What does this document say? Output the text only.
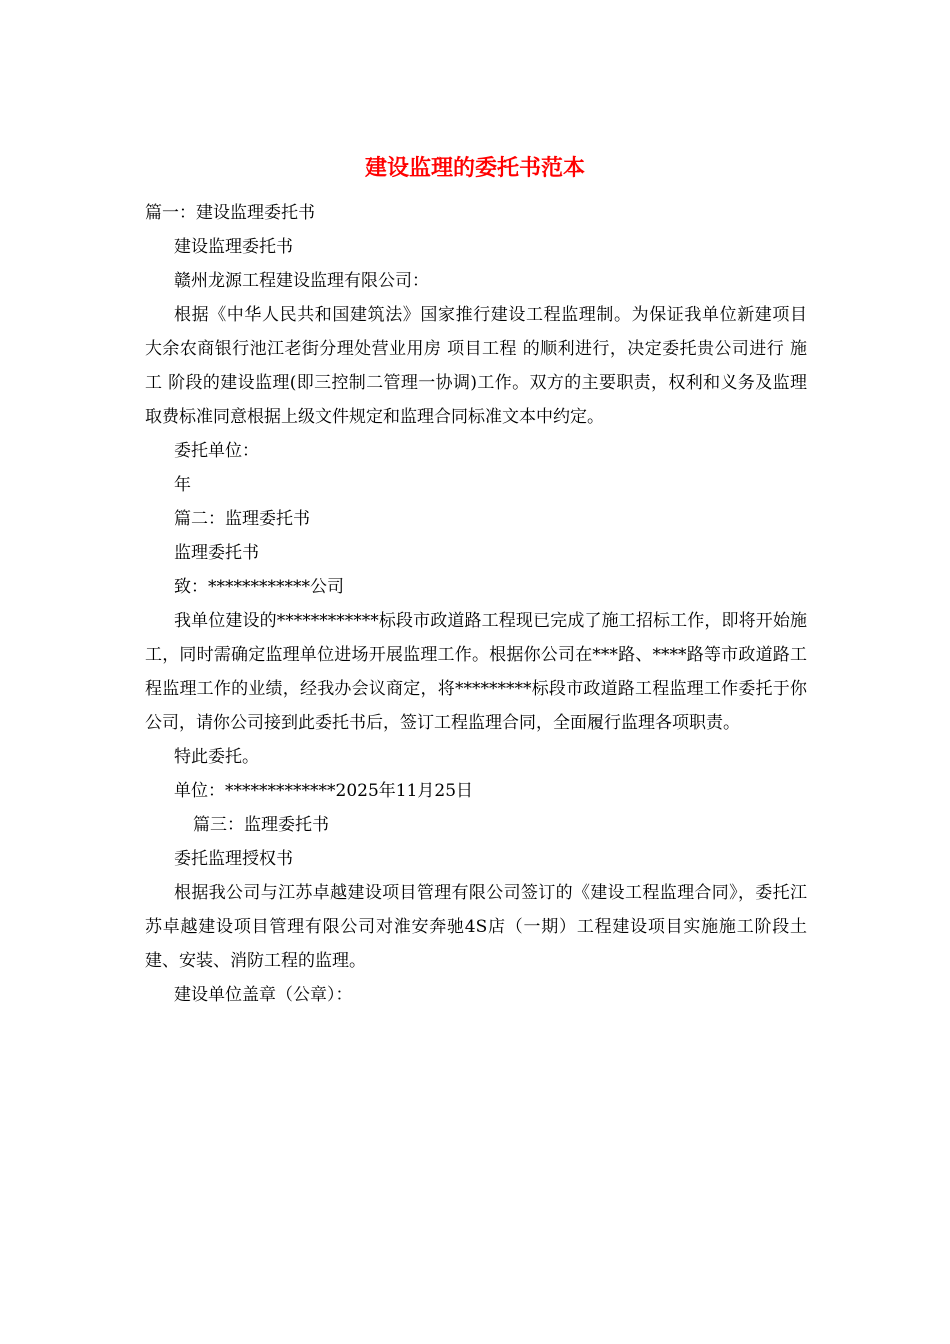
建设监理的委托书范本

篇一：建设监理委托书

建设监理委托书

赣州龙源工程建设监理有限公司：

根据《中华人民共和国建筑法》国家推行建设工程监理制。为保证我单位新建项目 大余农商银行池江老街分理处营业用房 项目工程 的顺利进行，决定委托贵公司进行 施工 阶段的建设监理(即三控制二管理一协调)工作。双方的主要职责，权利和义务及监理取费标准同意根据上级文件规定和监理合同标准文本中约定。

委托单位：

年

篇二：监理委托书

监理委托书

致：************公司

我单位建设的************标段市政道路工程现已完成了施工招标工作，即将开始施工，同时需确定监理单位进场开展监理工作。根据你公司在***路、****路等市政道路工程监理工作的业绩，经我办会议商定，将*********标段市政道路工程监理工作委托于你公司，请你公司接到此委托书后，签订工程监理合同，全面履行监理各项职责。

特此委托。

单位：*************2025年11月25日

篇三：监理委托书

委托监理授权书

根据我公司与江苏卓越建设项目管理有限公司签订的《建设工程监理合同》，委托江苏卓越建设项目管理有限公司对淮安奔驰4S店（一期）工程建设项目实施施工阶段土建、安装、消防工程的监理。

建设单位盖章（公章）：
